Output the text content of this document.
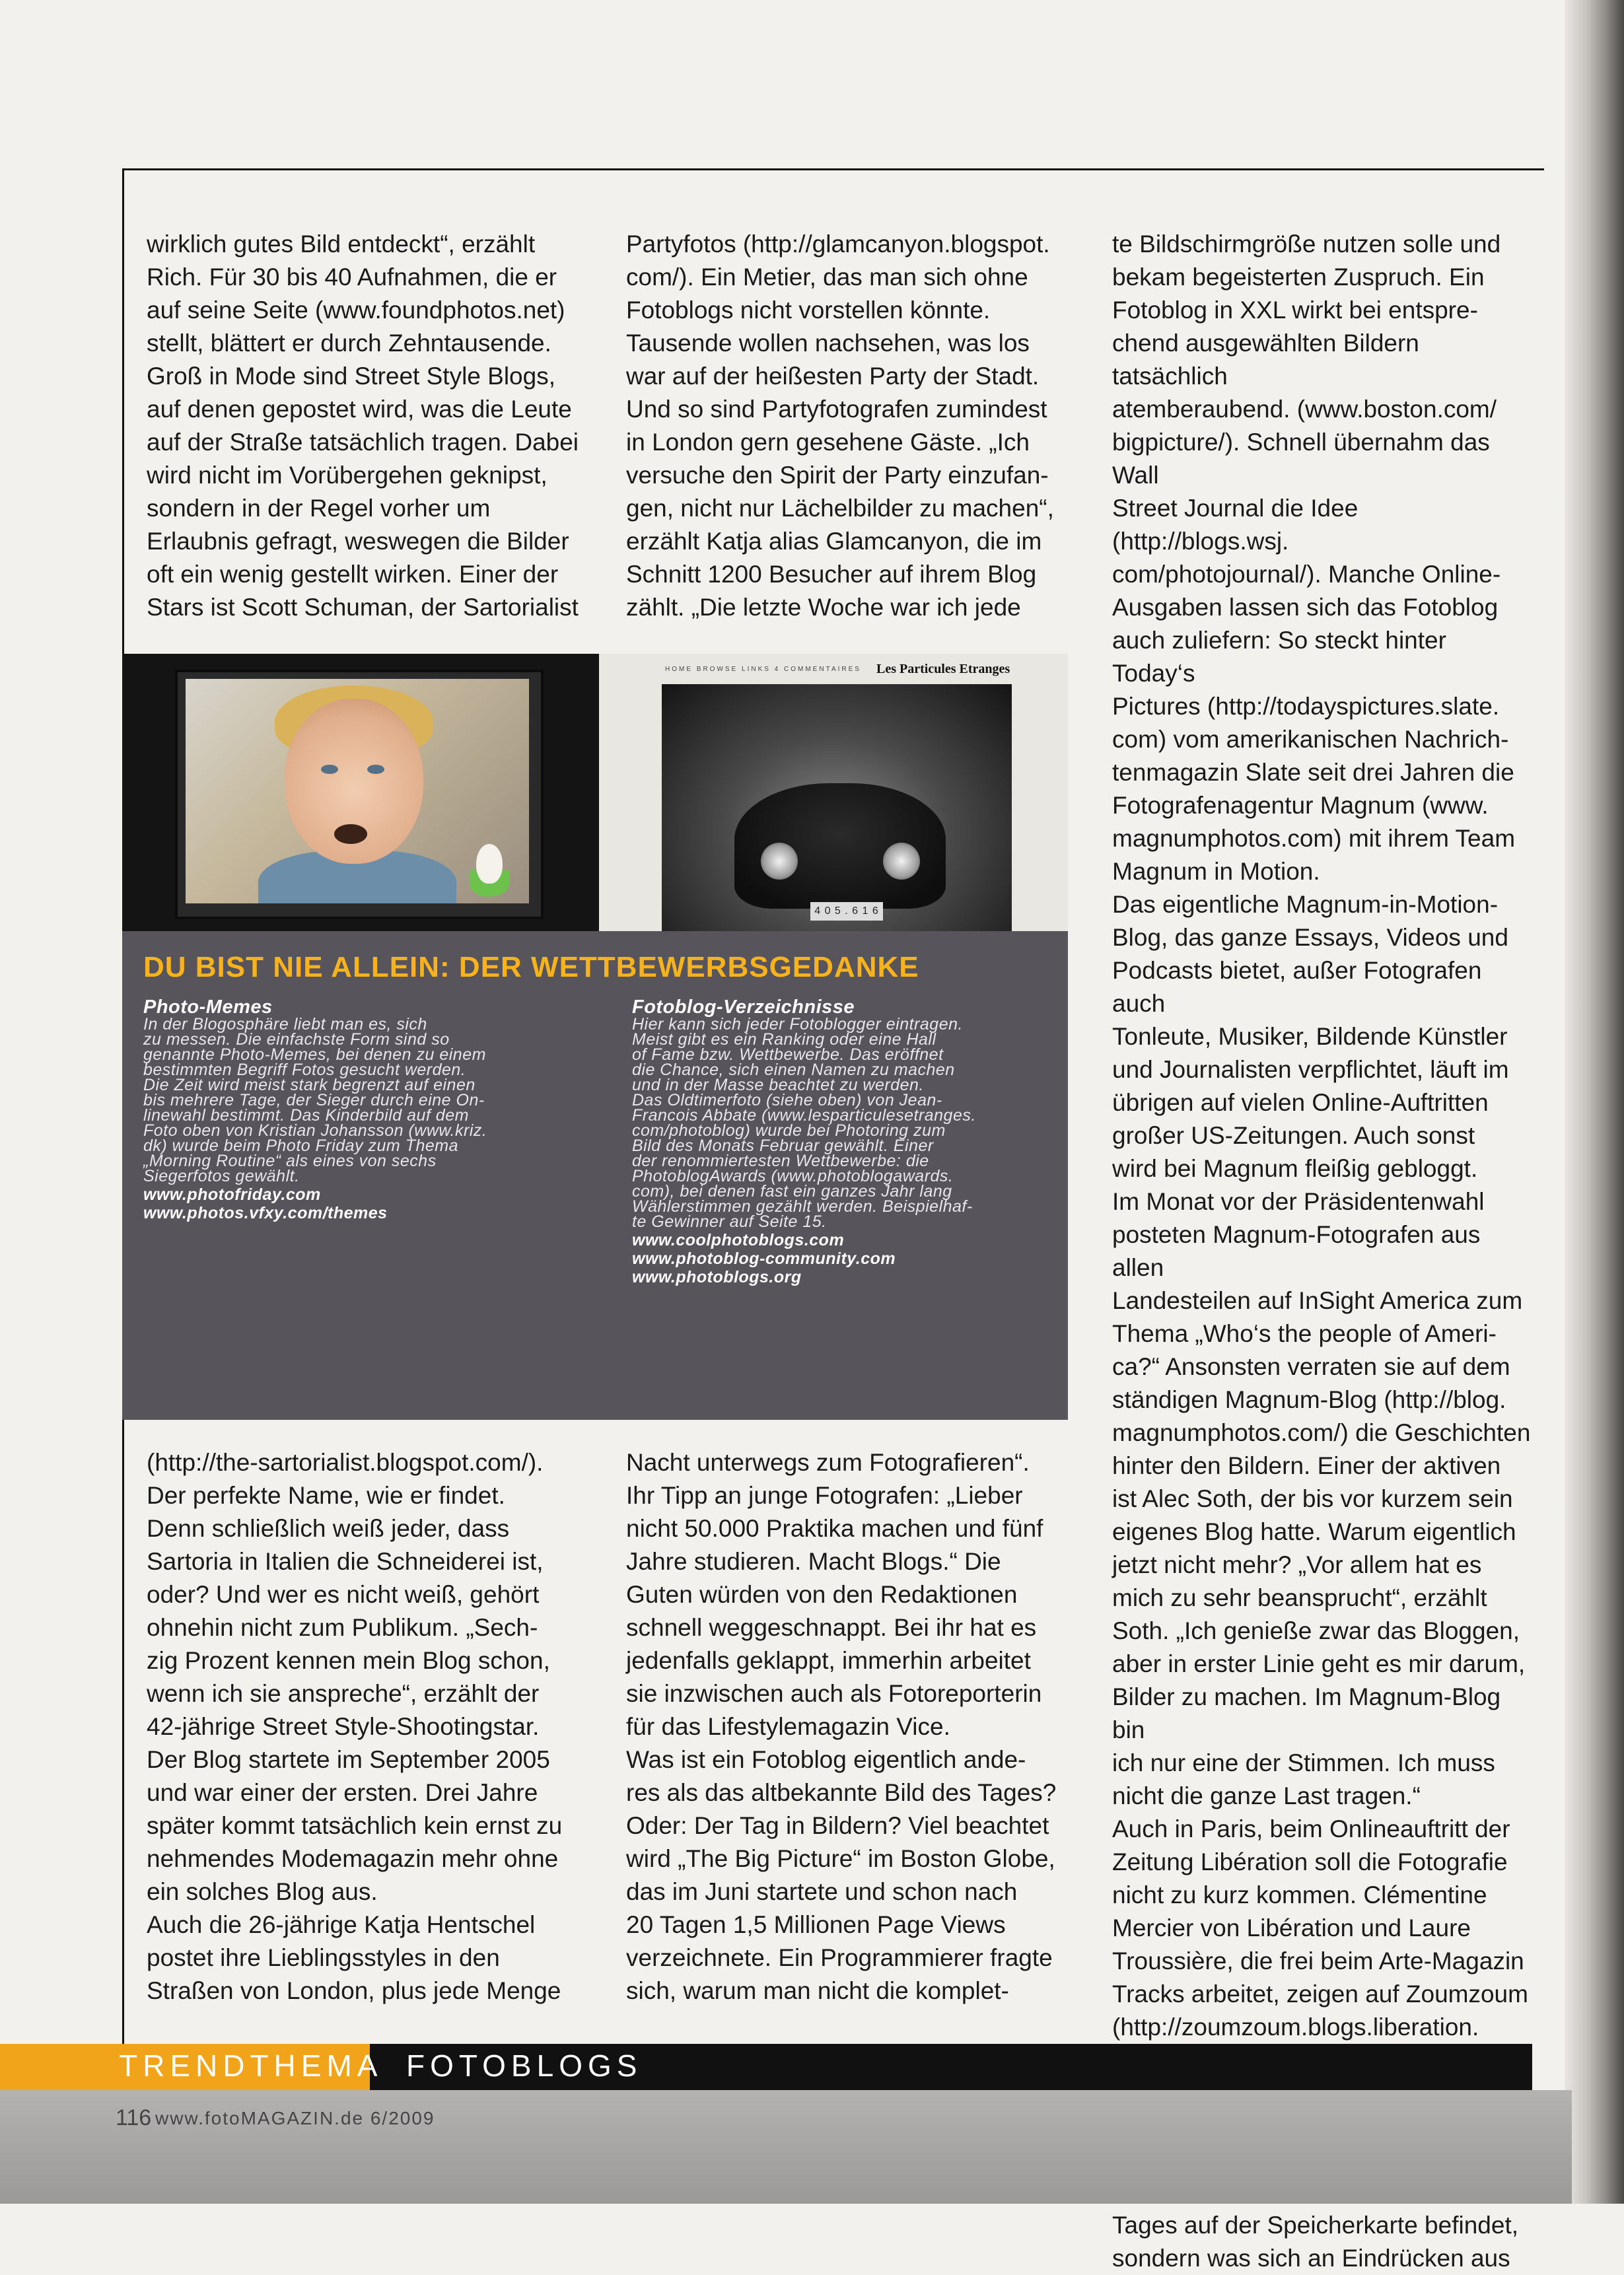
wirklich gutes Bild entdeckt“, erzählt

Rich. Für 30 bis 40 Aufnahmen, die er

auf seine Seite (www.foundphotos.net)

stellt, blättert er durch Zehntausende.

Groß in Mode sind Street Style Blogs,

auf denen gepostet wird, was die Leute

auf der Straße tatsächlich tragen. Dabei

wird nicht im Vorübergehen geknipst,

sondern in der Regel vorher um

Erlaubnis gefragt, weswegen die Bilder

oft ein wenig gestellt wirken. Einer der

Stars ist Scott Schuman, der Sartorialist

Partyfotos (http://glamcanyon.blogspot.

com/). Ein Metier, das man sich ohne

Fotoblogs nicht vorstellen könnte.

Tausende wollen nachsehen, was los

war auf der heißesten Party der Stadt.

Und so sind Partyfotografen zumindest

in London gern gesehene Gäste. „Ich

versuche den Spirit der Party einzufan-

gen, nicht nur Lächelbilder zu machen“,

erzählt Katja alias Glamcanyon, die im

Schnitt 1200 Besucher auf ihrem Blog

zählt. „Die letzte Woche war ich jede

te Bildschirmgröße nutzen solle und

bekam begeisterten Zuspruch. Ein

Fotoblog in XXL wirkt bei entspre-

chend ausgewählten Bildern tatsächlich

atemberaubend. (www.boston.com/

bigpicture/). Schnell übernahm das Wall

Street Journal die Idee (http://blogs.wsj.

com/photojournal/). Manche Online-

Ausgaben lassen sich das Fotoblog

auch zuliefern: So steckt hinter Today‘s

Pictures (http://todayspictures.slate.

com) vom amerikanischen Nachrich-

tenmagazin Slate seit drei Jahren die

Fotografenagentur Magnum (www.

magnumphotos.com) mit ihrem Team

Magnum in Motion.

Das eigentliche Magnum-in-Motion-

Blog, das ganze Essays, Videos und

Podcasts bietet, außer Fotografen auch

Tonleute, Musiker, Bildende Künstler

und Journalisten verpflichtet, läuft im

übrigen auf vielen Online-Auftritten

großer US-Zeitungen. Auch sonst

wird bei Magnum fleißig gebloggt.

Im Monat vor der Präsidentenwahl

posteten Magnum-Fotografen aus allen

Landesteilen auf InSight America zum

Thema „Who‘s the people of Ameri-

ca?“ Ansonsten verraten sie auf dem

ständigen Magnum-Blog (http://blog.

magnumphotos.com/) die Geschichten

hinter den Bildern. Einer der aktiven

ist Alec Soth, der bis vor kurzem sein

eigenes Blog hatte. Warum eigentlich

jetzt nicht mehr? „Vor allem hat es

mich zu sehr beansprucht“, erzählt

Soth. „Ich genieße zwar das Bloggen,

aber in erster Linie geht es mir darum,

Bilder zu machen. Im Magnum-Blog bin

ich nur eine der Stimmen. Ich muss

nicht die ganze Last tragen.“

Auch in Paris, beim Onlineauftritt der

Zeitung Libération soll die Fotografie

nicht zu kurz kommen. Clémentine

Mercier von Libération und Laure

Troussière, die frei beim Arte-Magazin

Tracks arbeitet, zeigen auf Zoumzoum

(http://zoumzoum.blogs.liberation.

Tages auf der Speicherkarte befindet,

sondern was sich an Eindrücken aus

HOME BROWSE LINKS 4 COMMENTAIRES Les Particules Etranges
4 0 5 . 6 1 6
DU BIST NIE ALLEIN: DER WETTBEWERBSGEDANKE

Photo-Memes

In der Blogosphäre liebt man es, sich

zu messen. Die einfachste Form sind so

genannte Photo-Memes, bei denen zu einem

bestimmten Begriff Fotos gesucht werden.

Die Zeit wird meist stark begrenzt auf einen

bis mehrere Tage, der Sieger durch eine On-

linewahl bestimmt. Das Kinderbild auf dem

Foto oben von Kristian Johansson (www.kriz.

dk) wurde beim Photo Friday zum Thema

„Morning Routine“ als eines von sechs

Siegerfotos gewählt.

www.photofriday.com
www.photos.vfxy.com/themes

Fotoblog-Verzeichnisse

Hier kann sich jeder Fotoblogger eintragen.

Meist gibt es ein Ranking oder eine Hall

of Fame bzw. Wettbewerbe. Das eröffnet

die Chance, sich einen Namen zu machen

und in der Masse beachtet zu werden.

Das Oldtimerfoto (siehe oben) von Jean-

Francois Abbate (www.lesparticulesetranges.

com/photoblog) wurde bei Photoring zum

Bild des Monats Februar gewählt. Einer

der renommiertesten Wettbewerbe: die

PhotoblogAwards (www.photoblogawards.

com), bei denen fast ein ganzes Jahr lang

Wählerstimmen gezählt werden. Beispielhaf-

te Gewinner auf Seite 15.

www.coolphotoblogs.com
www.photoblog-community.com
www.photoblogs.org

(http://the-sartorialist.blogspot.com/).

Der perfekte Name, wie er findet.

Denn schließlich weiß jeder, dass

Sartoria in Italien die Schneiderei ist,

oder? Und wer es nicht weiß, gehört

ohnehin nicht zum Publikum. „Sech-

zig Prozent kennen mein Blog schon,

wenn ich sie anspreche“, erzählt der

42-jährige Street Style-Shootingstar.

Der Blog startete im September 2005

und war einer der ersten. Drei Jahre

später kommt tatsächlich kein ernst zu

nehmendes Modemagazin mehr ohne

ein solches Blog aus.

Auch die 26-jährige Katja Hentschel

postet ihre Lieblingsstyles in den

Straßen von London, plus jede Menge

Nacht unterwegs zum Fotografieren“.

Ihr Tipp an junge Fotografen: „Lieber

nicht 50.000 Praktika machen und fünf

Jahre studieren. Macht Blogs.“ Die

Guten würden von den Redaktionen

schnell weggeschnappt. Bei ihr hat es

jedenfalls geklappt, immerhin arbeitet

sie inzwischen auch als Fotoreporterin

für das Lifestylemagazin Vice.

Was ist ein Fotoblog eigentlich ande-

res als das altbekannte Bild des Tages?

Oder: Der Tag in Bildern? Viel beachtet

wird „The Big Picture“ im Boston Globe,

das im Juni startete und schon nach

20 Tagen 1,5 Millionen Page Views

verzeichnete. Ein Programmierer fragte

sich, warum man nicht die komplet-

TRENDTHEMA FOTOBLOGS
116 www.fotoMAGAZIN.de 6/2009
